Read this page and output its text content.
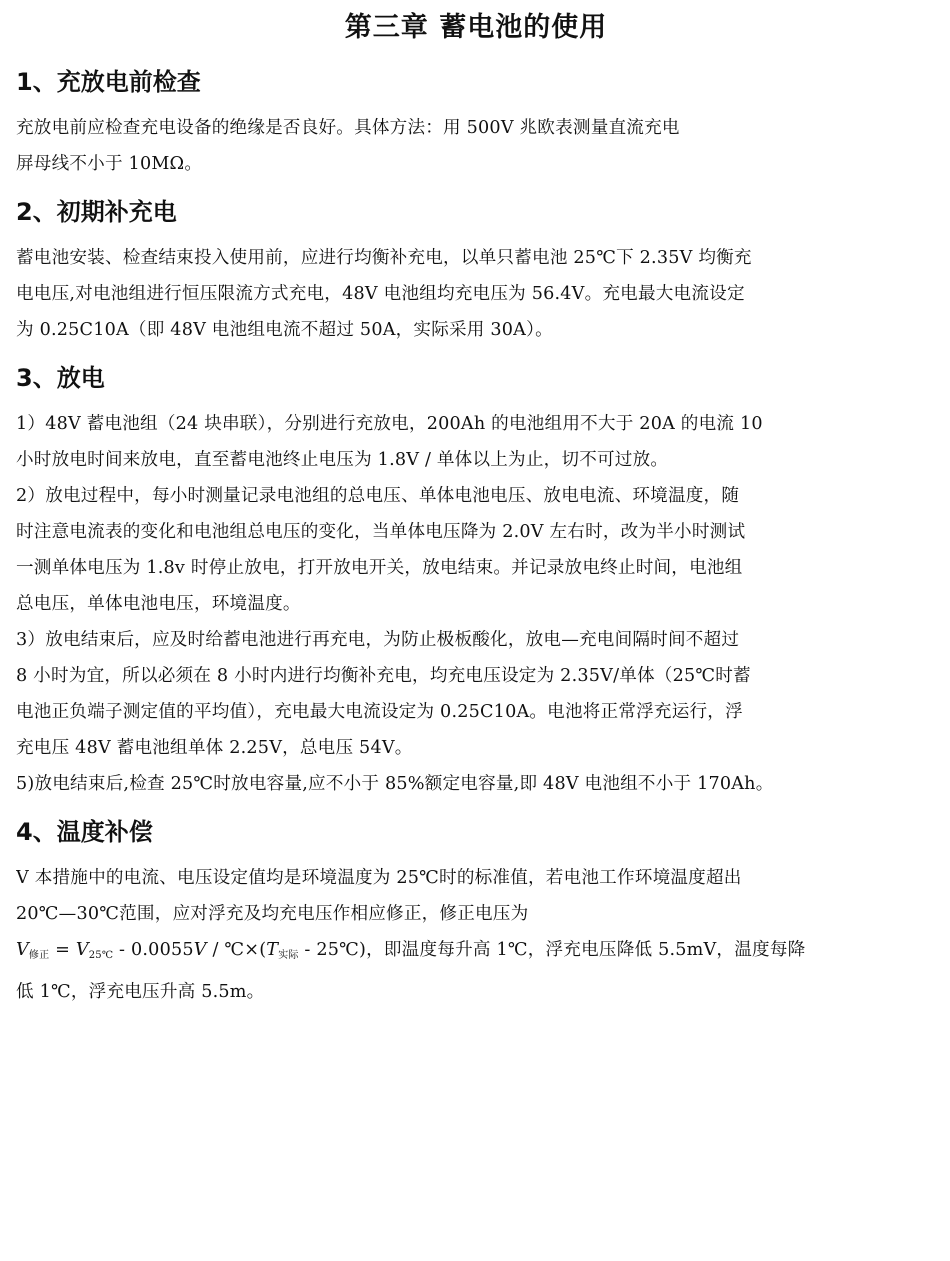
第三章 蓄电池的使用
1、充放电前检查

充放电前应检查充电设备的绝缘是否良好。具体方法：用 500V 兆欧表测量直流充电
屏母线不小于 10MΩ。

2、初期补充电

蓄电池安装、检查结束投入使用前，应进行均衡补充电，以单只蓄电池 25℃下 2.35V 均衡充
电电压,对电池组进行恒压限流方式充电，48V 电池组均充电压为 56.4V。充电最大电流设定
为 0.25C10A（即 48V 电池组电流不超过 50A，实际采用 30A）。

3、放电

1）48V 蓄电池组（24 块串联），分别进行充放电，200Ah 的电池组用不大于 20A 的电流 10
小时放电时间来放电，直至蓄电池终止电压为 1.8V / 单体以上为止，切不可过放。

2）放电过程中，每小时测量记录电池组的总电压、单体电池电压、放电电流、环境温度，随
时注意电流表的变化和电池组总电压的变化，当单体电压降为 2.0V 左右时，改为半小时测试
一测单体电压为 1.8v 时停止放电，打开放电开关，放电结束。并记录放电终止时间，电池组
总电压，单体电池电压，环境温度。

3）放电结束后，应及时给蓄电池进行再充电，为防止极板酸化，放电—充电间隔时间不超过
8 小时为宜，所以必须在 8 小时内进行均衡补充电，均充电压设定为 2.35V/单体（25℃时蓄
电池正负端子测定值的平均值），充电最大电流设定为 0.25C10A。电池将正常浮充运行，浮
充电压 48V 蓄电池组单体 2.25V，总电压 54V。

5)放电结束后,检查 25℃时放电容量,应不小于 85%额定电容量,即 48V 电池组不小于 170Ah。

4、温度补偿

V 本措施中的电流、电压设定值均是环境温度为 25℃时的标准值，若电池工作环境温度超出
20℃—30℃范围，应对浮充及均充电压作相应修正，修正电压为
$V_{修正} = V_{25℃} - 0.0055V$ / $℃\times(T_{实际}$ - 25℃)，即温度每升高 1℃，浮充电压降低 5.5mV，温度每降
低 1℃，浮充电压升高 5.5m。
